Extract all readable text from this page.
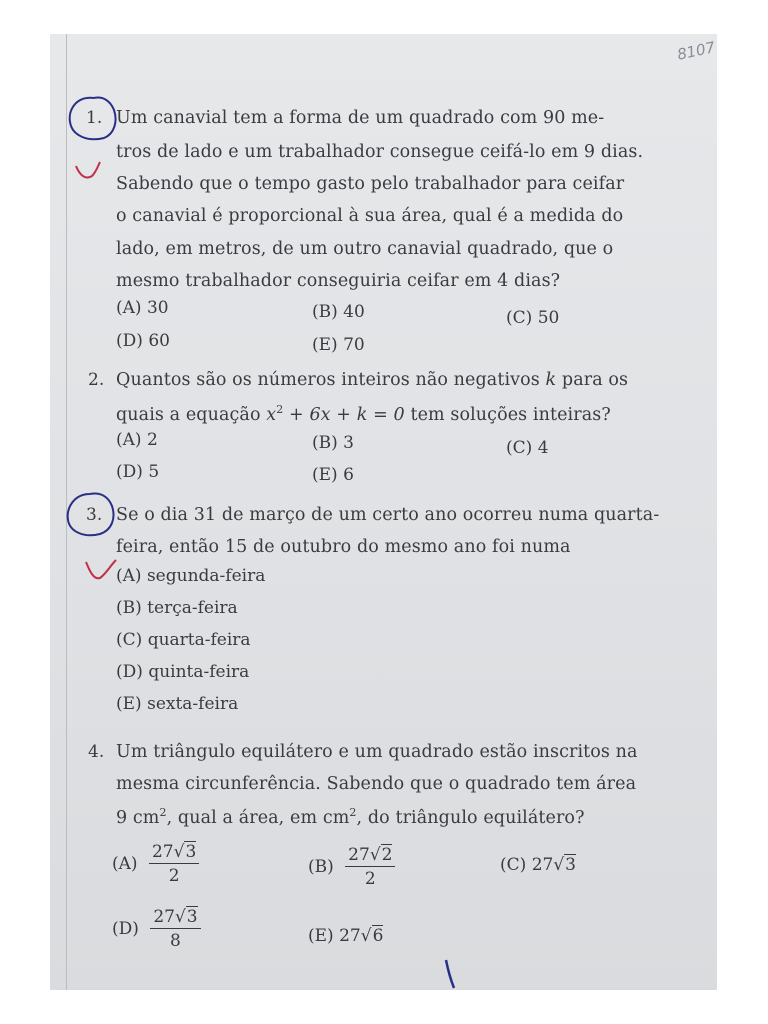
8107
1. Um canavial tem a forma de um quadrado com 90 me-
tros de lado e um trabalhador consegue ceifá-lo em 9 dias.
Sabendo que o tempo gasto pelo trabalhador para ceifar
o canavial é proporcional à sua área, qual é a medida do
lado, em metros, de um outro canavial quadrado, que o
mesmo trabalhador conseguiria ceifar em 4 dias?
(A) 30	(B) 40	(C) 50
(D) 60	(E) 70
2. Quantos são os números inteiros não negativos k para os
quais a equação $x^2 + 6x + k = 0$ tem soluções inteiras?
(A) 2	(B) 3	(C) 4
(D) 5	(E) 6
3. Se o dia 31 de março de um certo ano ocorreu numa quarta-
feira, então 15 de outubro do mesmo ano foi numa
(A) segunda-feira
(B) terça-feira
(C) quarta-feira
(D) quinta-feira
(E) sexta-feira
4. Um triângulo equilátero e um quadrado estão inscritos na
mesma circunferência. Sabendo que o quadrado tem área
9 $cm^2$, qual a área, em $cm^2$, do triângulo equilátero?
$(A) \frac{27√3}{2}$	$(B) \frac{27√2}{2}$	(C) 27√3
$(D) \frac{27√3}{8}$	(E) 27√6
